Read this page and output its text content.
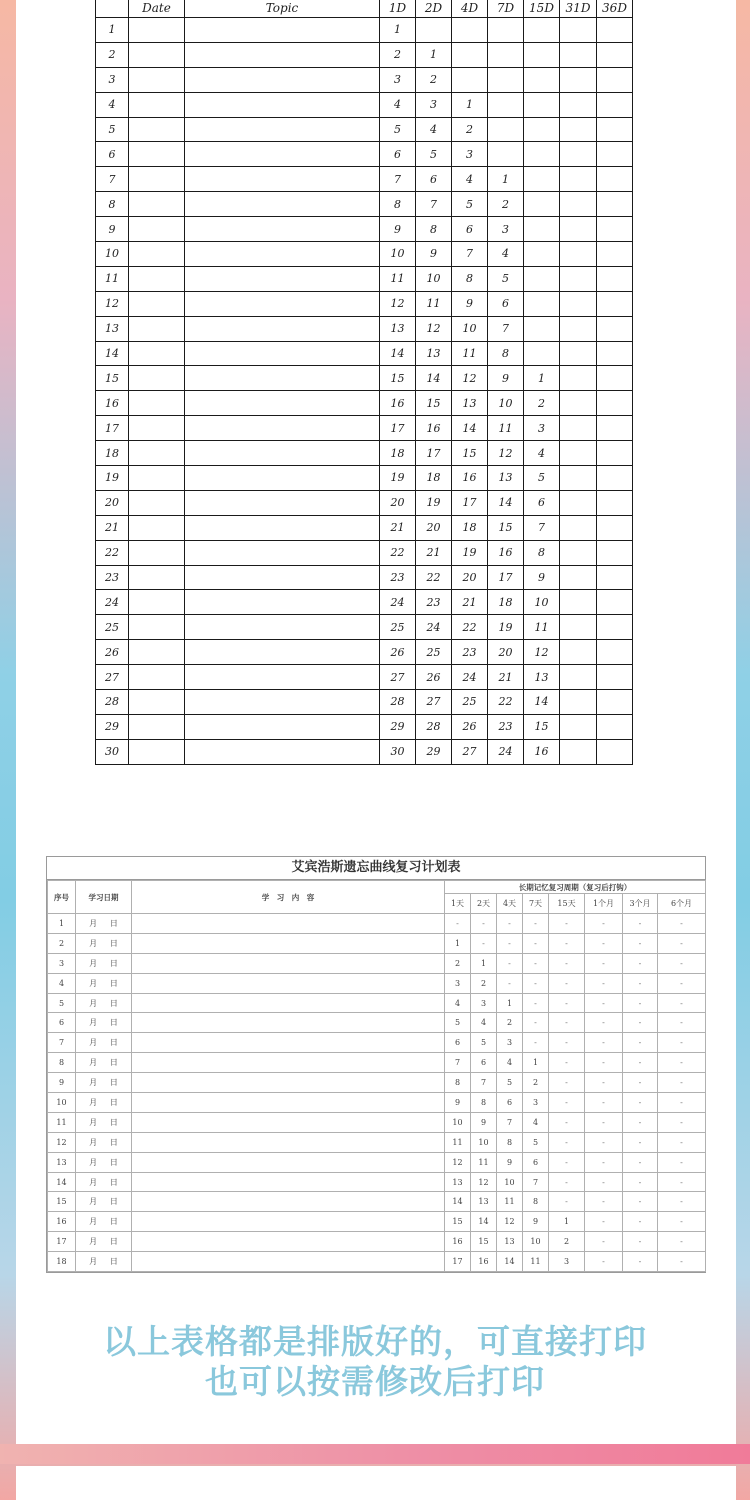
	Date	Topic	1D	2D	4D	7D	15D	31D	36D
1			1						
2			2	1					
3			3	2					
4			4	3	1				
5			5	4	2				
6			6	5	3				
7			7	6	4	1			
8			8	7	5	2			
9			9	8	6	3			
10			10	9	7	4			
11			11	10	8	5			
12			12	11	9	6			
13			13	12	10	7			
14			14	13	11	8			
15			15	14	12	9	1		
16			16	15	13	10	2		
17			17	16	14	11	3		
18			18	17	15	12	4		
19			19	18	16	13	5		
20			20	19	17	14	6		
21			21	20	18	15	7		
22			22	21	19	16	8		
23			23	22	20	17	9		
24			24	23	21	18	10		
25			25	24	22	19	11		
26			26	25	23	20	12		
27			27	26	24	21	13		
28			28	27	25	22	14		
29			29	28	26	23	15		
30			30	29	27	24	16		
艾宾浩斯遗忘曲线复习计划表
序号	学习日期	学　习　内　容	长期记忆复习周期（复习后打钩）							
			1天	2天	4天	7天	15天	1个月	3个月	6个月
1	月 日		-	-	-	-	-	-	-	-
2	月 日		1	-	-	-	-	-	-	-
3	月 日		2	1	-	-	-	-	-	-
4	月 日		3	2	-	-	-	-	-	-
5	月 日		4	3	1	-	-	-	-	-
6	月 日		5	4	2	-	-	-	-	-
7	月 日		6	5	3	-	-	-	-	-
8	月 日		7	6	4	1	-	-	-	-
9	月 日		8	7	5	2	-	-	-	-
10	月 日		9	8	6	3	-	-	-	-
11	月 日		10	9	7	4	-	-	-	-
12	月 日		11	10	8	5	-	-	-	-
13	月 日		12	11	9	6	-	-	-	-
14	月 日		13	12	10	7	-	-	-	-
15	月 日		14	13	11	8	-	-	-	-
16	月 日		15	14	12	9	1	-	-	-
17	月 日		16	15	13	10	2	-	-	-
18	月 日		17	16	14	11	3	-	-	-
以上表格都是排版好的，可直接打印
也可以按需修改后打印
